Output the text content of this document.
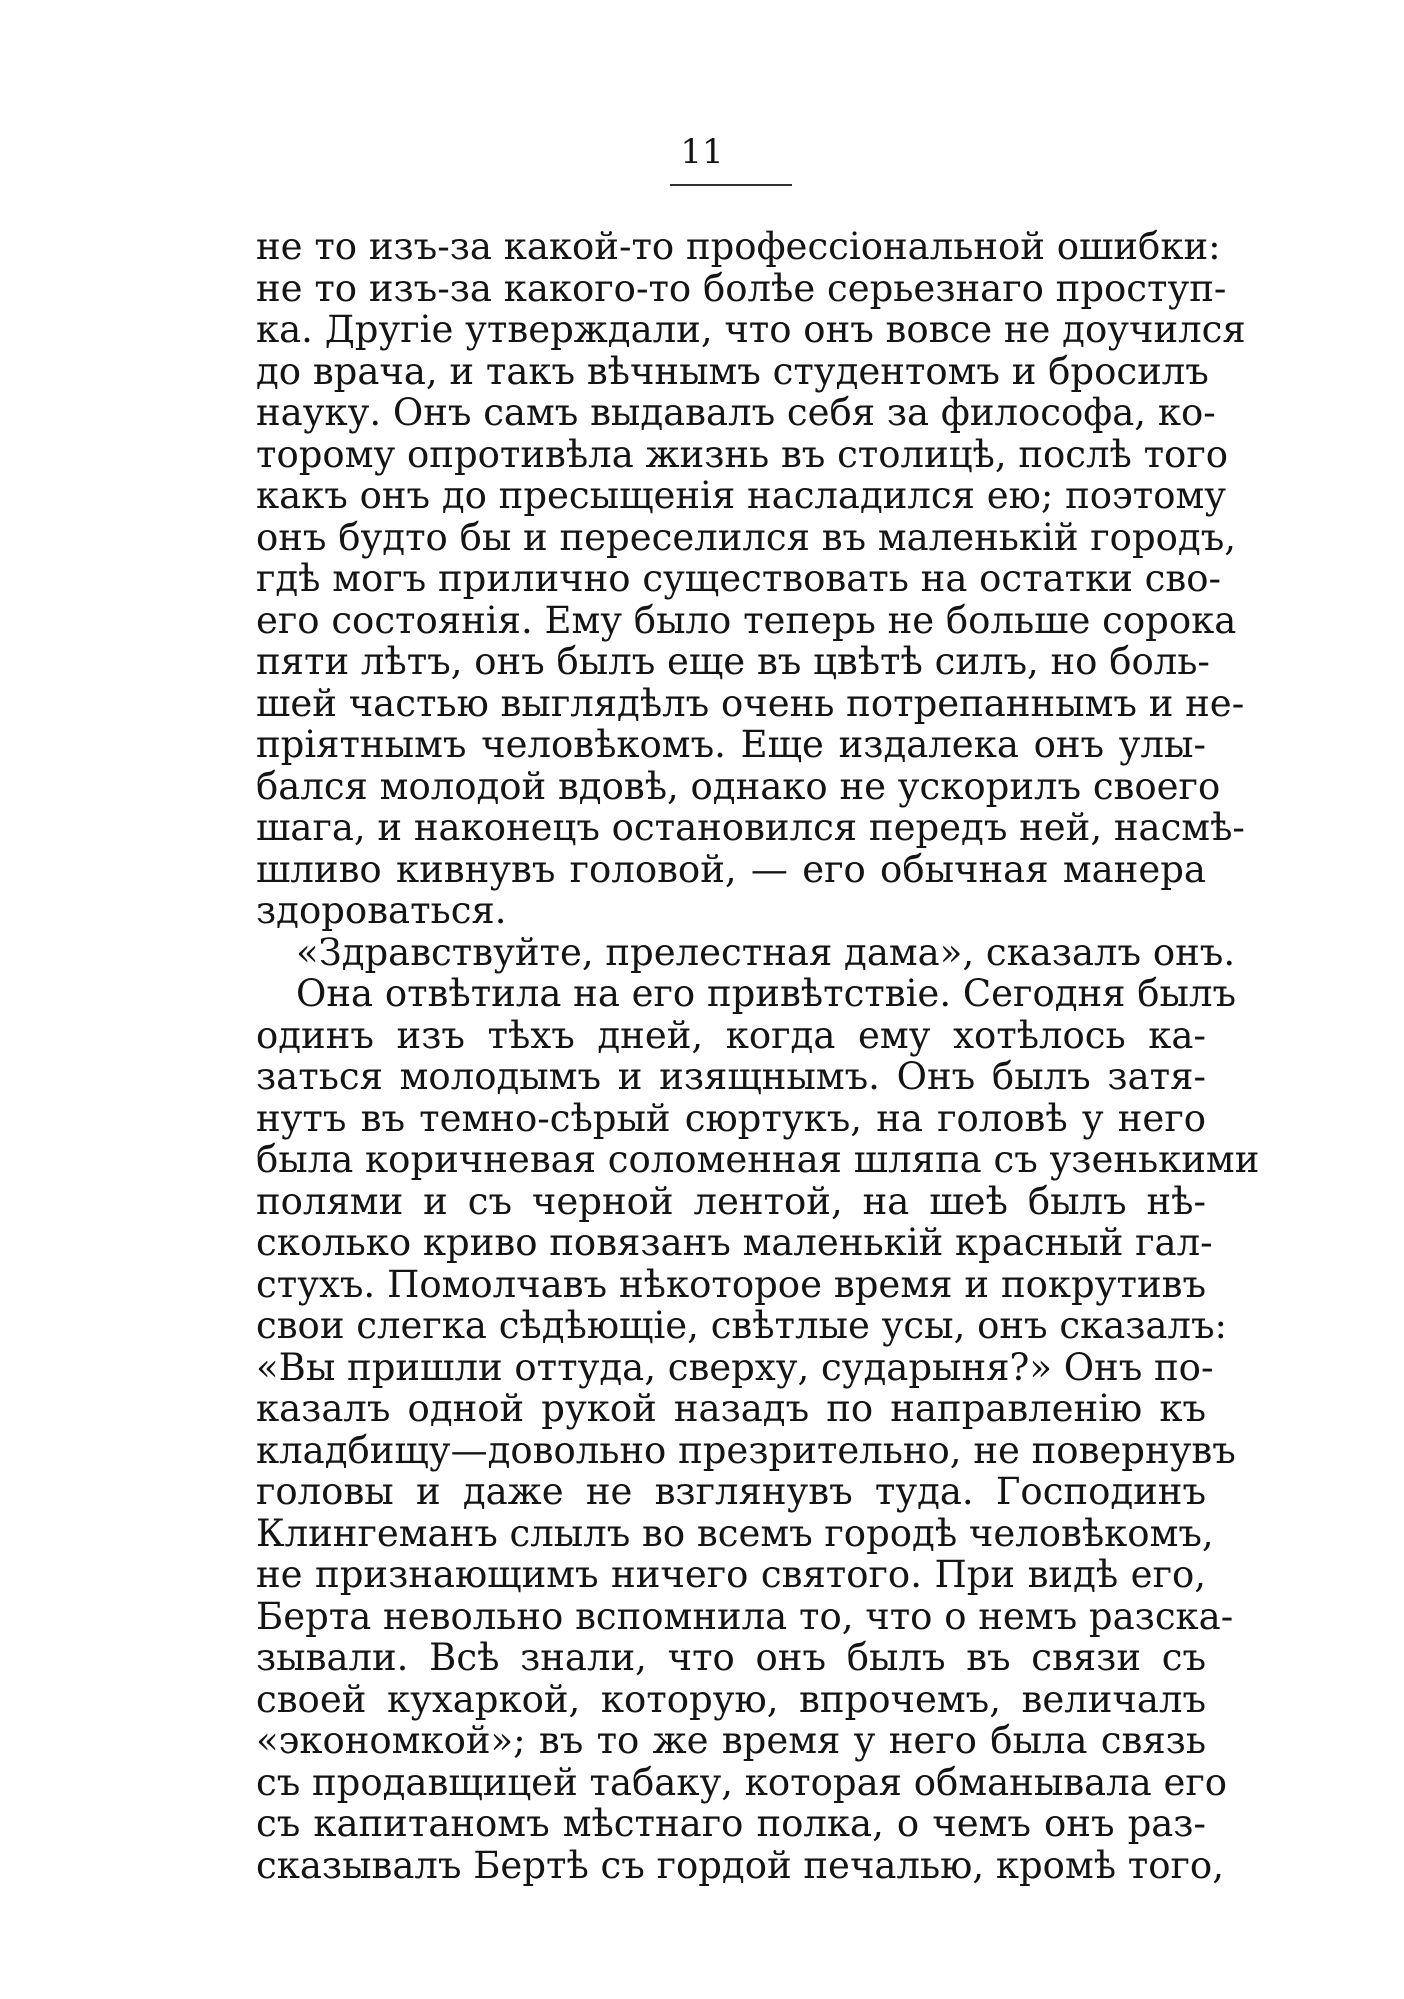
11
не то изъ-за какой-то профессіональной ошибки:
не то изъ-за какого-то болѣе серьезнаго проступ-
ка. Другіе утверждали, что онъ вовсе не доучился
до врача, и такъ вѣчнымъ студентомъ и бросилъ
науку. Онъ самъ выдавалъ себя за философа, ко-
торому опротивѣла жизнь въ столицѣ, послѣ того
какъ онъ до пресыщенія насладился ею; поэтому
онъ будто бы и переселился въ маленькій городъ,
гдѣ могъ прилично существовать на остатки сво-
его состоянія. Ему было теперь не больше сорока
пяти лѣтъ, онъ былъ еще въ цвѣтѣ силъ, но боль-
шей частью выглядѣлъ очень потрепаннымъ и не-
пріятнымъ человѣкомъ. Еще издалека онъ улы-
бался молодой вдовѣ, однако не ускорилъ своего
шага, и наконецъ остановился передъ ней, насмѣ-
шливо кивнувъ головой, — его обычная манера
здороваться.
«Здравствуйте, прелестная дама», сказалъ онъ.
Она отвѣтила на его привѣтствіе. Сегодня былъ
одинъ изъ тѣхъ дней, когда ему хотѣлось ка-
заться молодымъ и изящнымъ. Онъ былъ затя-
нутъ въ темно-сѣрый сюртукъ, на головѣ у него
была коричневая соломенная шляпа съ узенькими
полями и съ черной лентой, на шеѣ былъ нѣ-
сколько криво повязанъ маленькій красный гал-
стухъ. Помолчавъ нѣкоторое время и покрутивъ
свои слегка сѣдѣющіе, свѣтлые усы, онъ сказалъ:
«Вы пришли оттуда, сверху, сударыня?» Онъ по-
казалъ одной рукой назадъ по направленію къ
кладбищу—довольно презрительно, не повернувъ
головы и даже не взглянувъ туда. Господинъ
Клингеманъ слылъ во всемъ городѣ человѣкомъ,
не признающимъ ничего святого. При видѣ его,
Берта невольно вспомнила то, что о немъ разска-
зывали. Всѣ знали, что онъ былъ въ связи съ
своей кухаркой, которую, впрочемъ, величалъ
«экономкой»; въ то же время у него была связь
съ продавщицей табаку, которая обманывала его
съ капитаномъ мѣстнаго полка, о чемъ онъ раз-
сказывалъ Бертѣ съ гордой печалью, кромѣ того,
